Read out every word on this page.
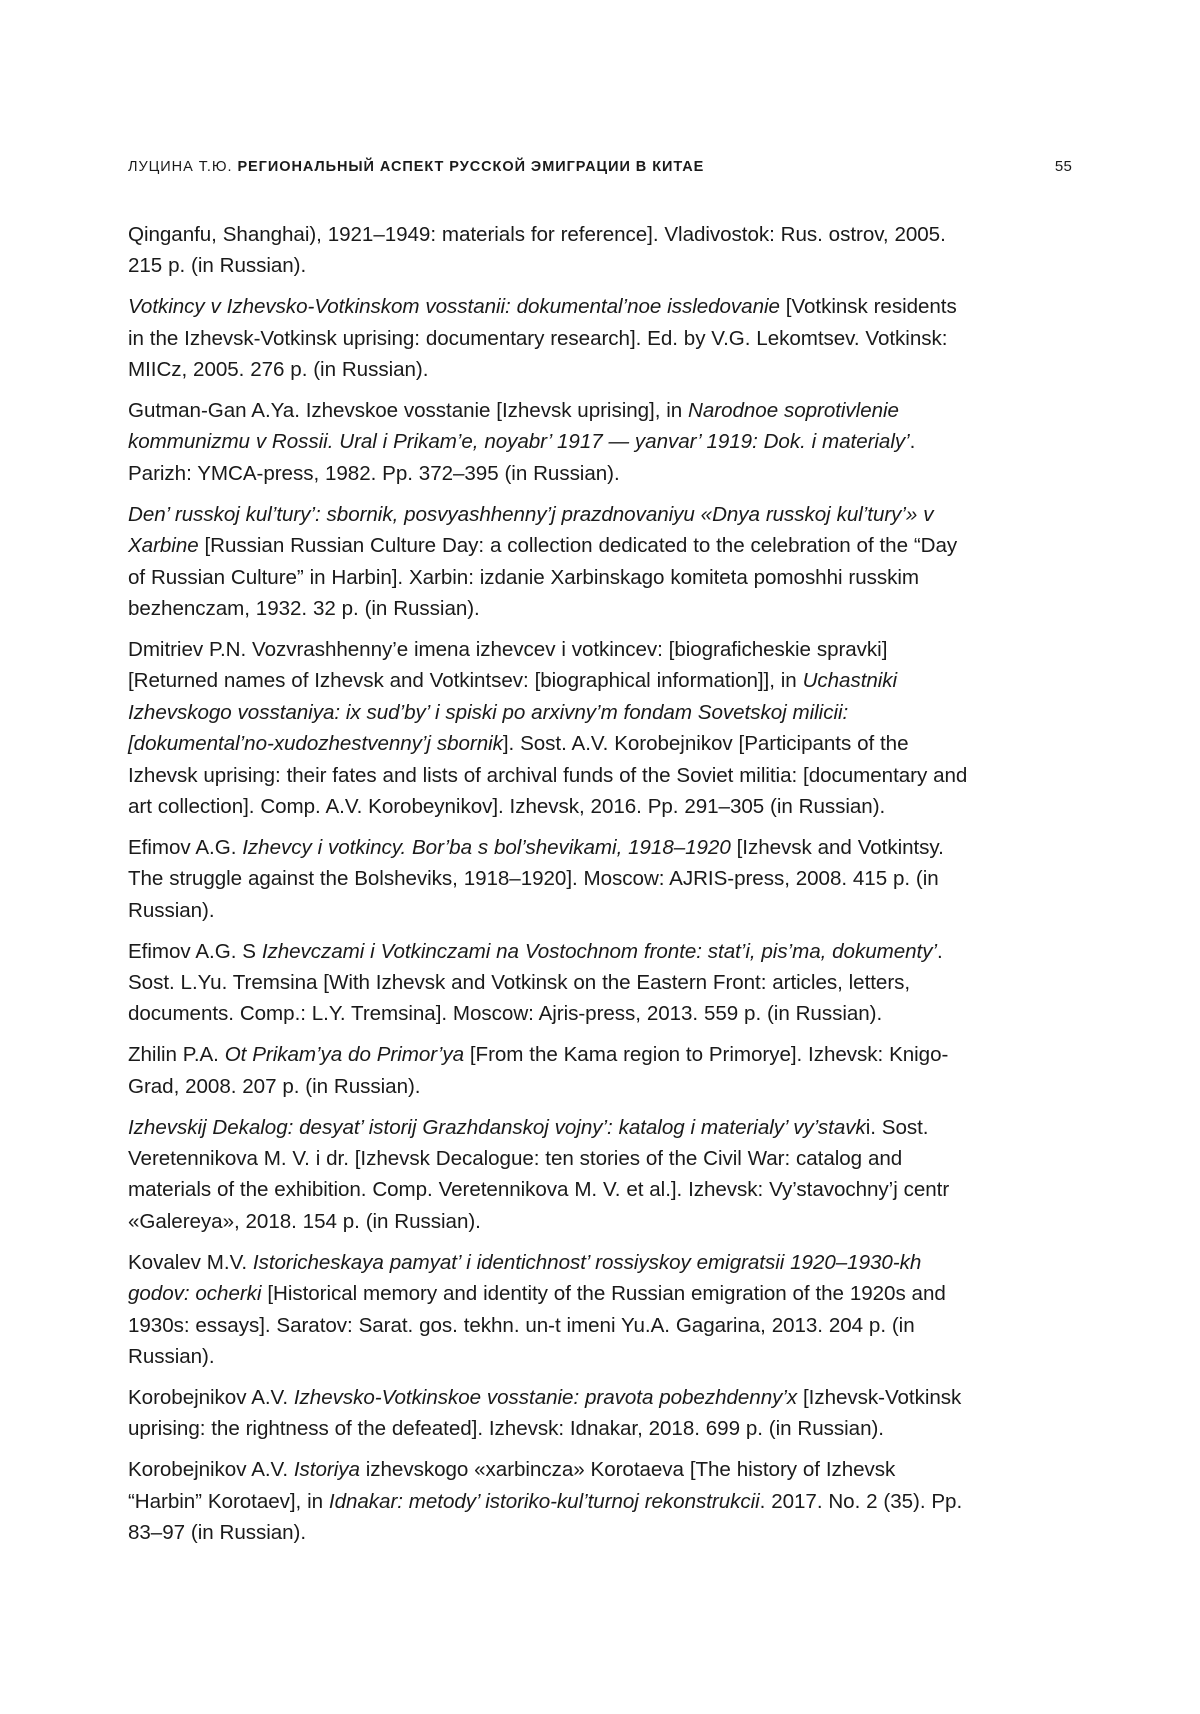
ЛУЦИНА Т.Ю. РЕГИОНАЛЬНЫЙ АСПЕКТ РУССКОЙ ЭМИГРАЦИИ В КИТАЕ	55

Qinganfu, Shanghai), 1921–1949: materials for reference]. Vladivostok: Rus. ostrov, 2005. 215 p. (in Russian).

Votkincy v Izhevsko-Votkinskom vosstanii: dokumental’noe issledovanie [Votkinsk residents in the Izhevsk-Votkinsk uprising: documentary research]. Ed. by V.G. Lekomtsev. Votkinsk: MIICz, 2005. 276 p. (in Russian).

Gutman-Gan A.Ya. Izhevskoe vosstanie [Izhevsk uprising], in Narodnoe soprotivlenie kommunizmu v Rossii. Ural i Prikam’e, noyabr’ 1917 — yanvar’ 1919: Dok. i materialy’. Parizh: YMCA-press, 1982. Pp. 372–395 (in Russian).

Den’ russkoj kul’tury’: sbornik, posvyashhenny’j prazdnovaniyu «Dnya russkoj kul’tury’» v Xarbine [Russian Russian Culture Day: a collection dedicated to the celebration of the “Day of Russian Culture” in Harbin]. Xarbin: izdanie Xarbinskago komiteta pomoshhi russkim bezhenczam, 1932. 32 p. (in Russian).

Dmitriev P.N. Vozvrashhenny’e imena izhevcev i votkincev: [biograficheskie spravki] [Returned names of Izhevsk and Votkintsev: [biographical information]], in Uchastniki Izhevskogo vosstaniya: ix sud’by’ i spiski po arxivny’m fondam Sovetskoj milicii: [dokumental’no-xudozhestvenny’j sbornik]. Sost. A.V. Korobejnikov [Participants of the Izhevsk uprising: their fates and lists of archival funds of the Soviet militia: [documentary and art collection]. Comp. A.V. Korobeynikov]. Izhevsk, 2016. Pp. 291–305 (in Russian).

Efimov A.G. Izhevcy i votkincy. Bor’ba s bol’shevikami, 1918–1920 [Izhevsk and Votkintsy. The struggle against the Bolsheviks, 1918–1920]. Moscow: AJRIS-press, 2008. 415 p. (in Russian).

Efimov A.G. S Izhevczami i Votkinczami na Vostochnom fronte: stat’i, pis’ma, dokumenty’. Sost. L.Yu. Tremsina [With Izhevsk and Votkinsk on the Eastern Front: articles, letters, documents. Comp.: L.Y. Tremsina]. Moscow: Ajris-press, 2013. 559 p. (in Russian).

Zhilin P.A. Ot Prikam’ya do Primor’ya [From the Kama region to Primorye]. Izhevsk: Knigo-Grad, 2008. 207 p. (in Russian).

Izhevskij Dekalog: desyat’ istorij Grazhdanskoj vojny’: katalog i materialy’ vy’stavki. Sost. Veretennikova M. V. i dr. [Izhevsk Decalogue: ten stories of the Civil War: catalog and materials of the exhibition. Comp. Veretennikova M. V. et al.]. Izhevsk: Vy’stavochny’j centr «Galereya», 2018. 154 p. (in Russian).

Kovalev M.V. Istoricheskaya pamyat’ i identichnost’ rossiyskoy emigratsii 1920–1930-kh godov: ocherki [Historical memory and identity of the Russian emigration of the 1920s and 1930s: essays]. Saratov: Sarat. gos. tekhn. un-t imeni Yu.A. Gagarina, 2013. 204 p. (in Russian).

Korobejnikov A.V. Izhevsko-Votkinskoe vosstanie: pravota pobezhdenny’x [Izhevsk-Votkinsk uprising: the rightness of the defeated]. Izhevsk: Idnakar, 2018. 699 p. (in Russian).

Korobejnikov A.V. Istoriya izhevskogo «xarbincza» Korotaeva [The history of Izhevsk “Harbin” Korotaev], in Idnakar: metody’ istoriko-kul’turnoj rekonstrukcii. 2017. No. 2 (35). Pp. 83–97 (in Russian).
